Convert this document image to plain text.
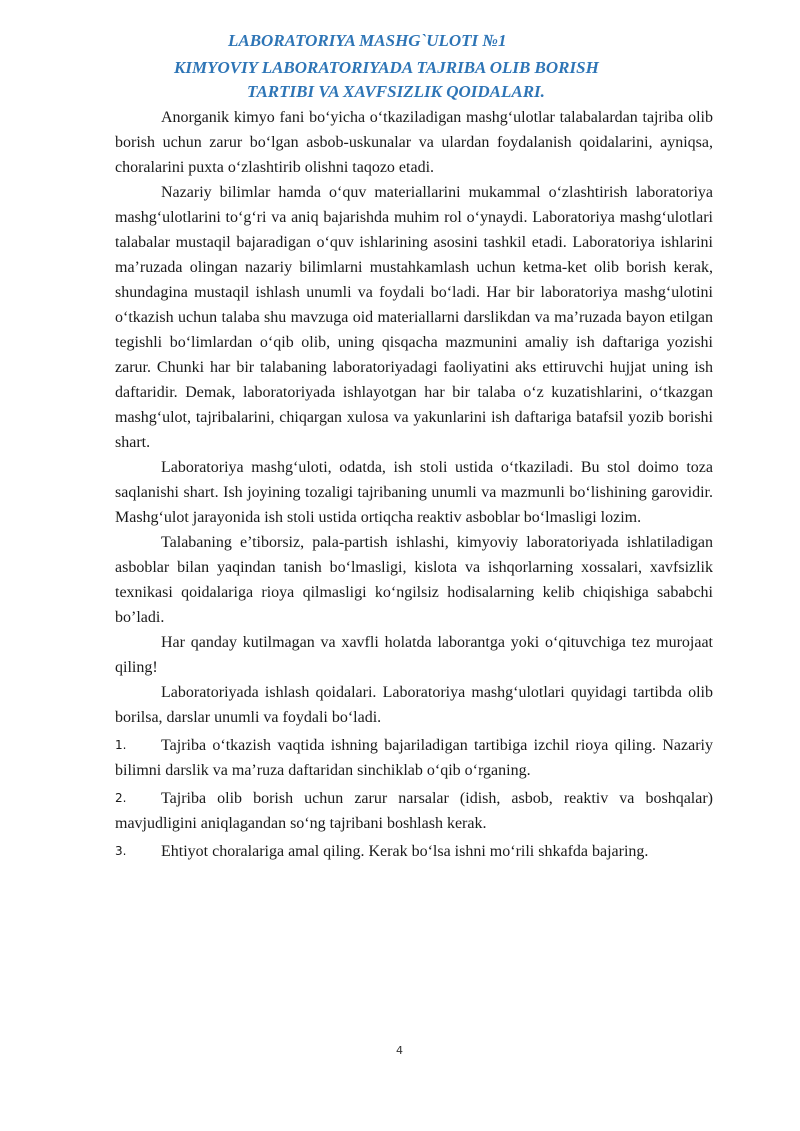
LABORATORIYA MASHG`ULOTI №1
KIMYOVIY LABORATORIYADA TAJRIBA OLIB BORISH
TARTIBI VA XAVFSIZLIK QOIDALARI.

Anorganik kimyo fani bo‘yicha o‘tkaziladigan mashg‘ulotlar talabalardan tajriba olib borish uchun zarur bo‘lgan asbob-uskunalar va ulardan foydalanish qoidalarini, ayniqsa, choralarini puxta o‘zlashtirib olishni taqozo etadi.

Nazariy bilimlar hamda o‘quv materiallarini mukammal o‘zlashtirish laboratoriya mashg‘ulotlarini to‘g‘ri va aniq bajarishda muhim rol o‘ynaydi. Laboratoriya mashg‘ulotlari talabalar mustaqil bajaradigan o‘quv ishlarining asosini tashkil etadi. Laboratoriya ishlarini ma’ruzada olingan nazariy bilimlarni mustahkamlash uchun ketma-ket olib borish kerak, shundagina mustaqil ishlash unumli va foydali bo‘ladi. Har bir laboratoriya mashg‘ulotini o‘tkazish uchun talaba shu mavzuga oid materiallarni darslikdan va ma’ruzada bayon etilgan tegishli bo‘limlardan o‘qib olib, uning qisqacha mazmunini amaliy ish daftariga yozishi zarur. Chunki har bir talabaning laboratoriyadagi faoliyatini aks ettiruvchi hujjat uning ish daftaridir. Demak, laboratoriyada ishlayotgan har bir talaba o‘z kuzatishlarini, o‘tkazgan mashg‘ulot, tajribalarini, chiqargan xulosa va yakunlarini ish daftariga batafsil yozib borishi shart.

Laboratoriya mashg‘uloti, odatda, ish stoli ustida o‘tkaziladi. Bu stol doimo toza saqlanishi shart. Ish joyining tozaligi tajribaning unumli va mazmunli bo‘lishining garovidir. Mashg‘ulot jarayonida ish stoli ustida ortiqcha reaktiv asboblar bo‘lmasligi lozim.

Talabaning e’tiborsiz, pala-partish ishlashi, kimyoviy laboratoriyada ishlatiladigan asboblar bilan yaqindan tanish bo‘lmasligi, kislota va ishqorlarning xossalari, xavfsizlik texnikasi qoidalariga rioya qilmasligi ko‘ngilsiz hodisalarning kelib chiqishiga sababchi bo’ladi.

Har qanday kutilmagan va xavfli holatda laborantga yoki o‘qituvchiga tez murojaat qiling!

Laboratoriyada ishlash qoidalari. Laboratoriya mashg‘ulotlari quyidagi tartibda olib borilsa, darslar unumli va foydali bo‘ladi.

1. Tajriba o‘tkazish vaqtida ishning bajariladigan tartibiga izchil rioya qiling. Nazariy bilimni darslik va ma’ruza daftaridan sinchiklab o‘qib o‘rganing.
2. Tajriba olib borish uchun zarur narsalar (idish, asbob, reaktiv va boshqalar) mavjudligini aniqlagandan so‘ng tajribani boshlash kerak.
3. Ehtiyot choralariga amal qiling. Kerak bo‘lsa ishni mo‘rili shkafda bajaring.
4
